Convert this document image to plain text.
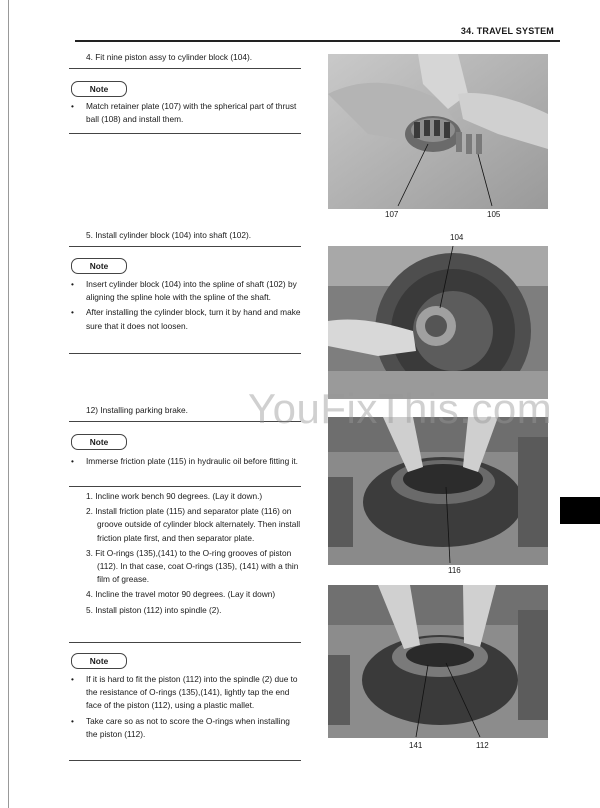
34. TRAVEL SYSTEM
4. Fit nine piston assy to cylinder block (104).
Note
• Match retainer plate (107) with the spherical part of thrust ball (108) and install them.
5. Install cylinder block (104) into shaft (102).
Note
• Insert cylinder block (104) into the spline of shaft (102) by aligning the spline hole with the spline of the shaft.
• After installing the cylinder block, turn it by hand and make sure that it does not loosen.
12) Installing parking brake.
Note
• Immerse friction plate (115) in hydraulic oil before fitting it.
1. Incline work bench 90 degrees. (Lay it down.)
2. Install friction plate (115) and separator plate (116) on groove outside of cylinder block alternately. Then install friction plate first, and then separator plate.
3. Fit O-rings (135),(141) to the O-ring grooves of piston (112). In that case, coat O-rings (135), (141) with a thin film of grease.
4. Incline the travel motor 90 degrees. (Lay it down)
5. Install piston (112) into spindle (2).
Note
• If it is hard to fit the piston (112) into the spindle (2) due to the resistance of O-rings (135),(141), lightly tap the end face of the piston (112), using a plastic mallet.
• Take care so as not to score the O-rings when installing the piston (112).
107	105
104
116
141	112
YouFixThis.com
